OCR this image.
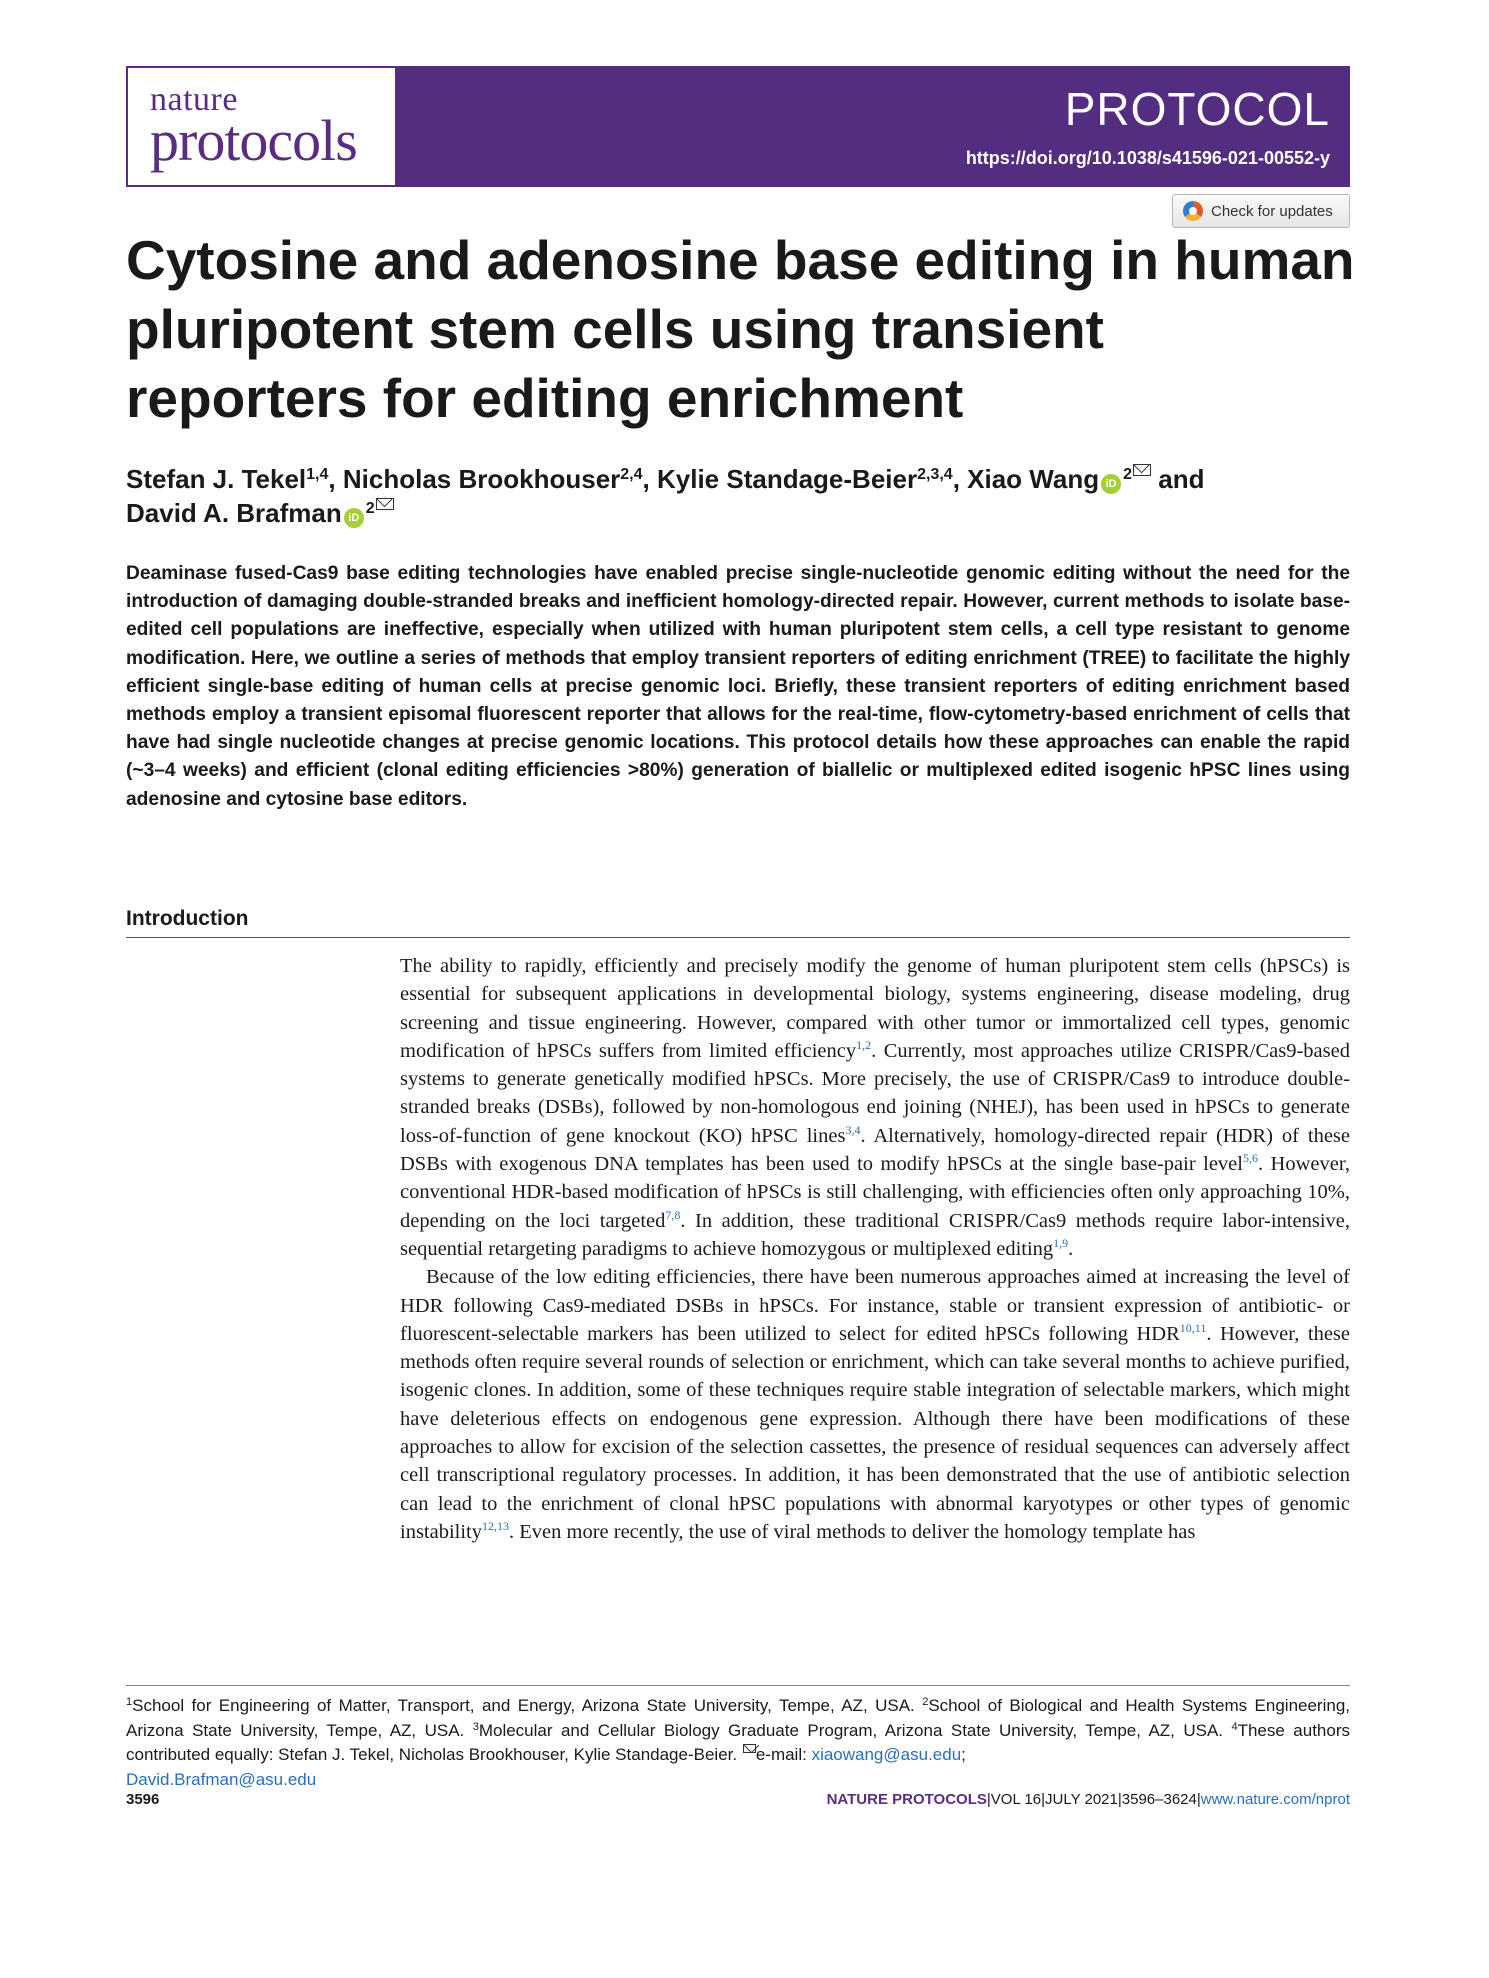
nature
protocols	PROTOCOL
https://doi.org/10.1038/s41596-021-00552-y
Check for updates
Cytosine and adenosine base editing in human pluripotent stem cells using transient reporters for editing enrichment
Stefan J. Tekel$^{1,4}$, Nicholas Brookhouser$^{2,4}$, Kylie Standage-Beier$^{2,3,4}$, Xiao Wang $iD^2$ and
David A. Brafman $iD^2$

Deaminase fused-Cas9 base editing technologies have enabled precise single-nucleotide genomic editing without the need for the introduction of damaging double-stranded breaks and inefficient homology-directed repair. However, current methods to isolate base-edited cell populations are ineffective, especially when utilized with human pluripotent stem cells, a cell type resistant to genome modification. Here, we outline a series of methods that employ transient reporters of editing enrichment (TREE) to facilitate the highly efficient single-base editing of human cells at precise genomic loci. Briefly, these transient reporters of editing enrichment based methods employ a transient episomal fluorescent reporter that allows for the real-time, flow-cytometry-based enrichment of cells that have had single nucleotide changes at precise genomic locations. This protocol details how these approaches can enable the rapid (~3–4 weeks) and efficient (clonal editing efficiencies >80%) generation of biallelic or multiplexed edited isogenic hPSC lines using adenosine and cytosine base editors.

Introduction

The ability to rapidly, efficiently and precisely modify the genome of human pluripotent stem cells (hPSCs) is essential for subsequent applications in developmental biology, systems engineering, disease modeling, drug screening and tissue engineering. However, compared with other tumor or immortalized cell types, genomic modification of hPSCs suffers from limited efficiency$^{1,2}$. Currently, most approaches utilize CRISPR/Cas9-based systems to generate genetically modified hPSCs. More precisely, the use of CRISPR/Cas9 to introduce double-stranded breaks (DSBs), followed by non-homologous end joining (NHEJ), has been used in hPSCs to generate loss-of-function of gene knockout (KO) hPSC lines$^{3,4}$. Alternatively, homology-directed repair (HDR) of these DSBs with exogenous DNA templates has been used to modify hPSCs at the single base-pair level$^{5,6}$. However, conventional HDR-based modification of hPSCs is still challenging, with efficiencies often only approaching 10%, depending on the loci targeted$^{7,8}$. In addition, these traditional CRISPR/Cas9 methods require labor-intensive, sequential retargeting paradigms to achieve homozygous or multiplexed editing$^{1,9}$.

Because of the low editing efficiencies, there have been numerous approaches aimed at increasing the level of HDR following Cas9-mediated DSBs in hPSCs. For instance, stable or transient expression of antibiotic- or fluorescent-selectable markers has been utilized to select for edited hPSCs following HDR$^{10,11}$. However, these methods often require several rounds of selection or enrichment, which can take several months to achieve purified, isogenic clones. In addition, some of these techniques require stable integration of selectable markers, which might have deleterious effects on endogenous gene expression. Although there have been modifications of these approaches to allow for excision of the selection cassettes, the presence of residual sequences can adversely affect cell transcriptional regulatory processes. In addition, it has been demonstrated that the use of antibiotic selection can lead to the enrichment of clonal hPSC populations with abnormal karyotypes or other types of genomic instability$^{12,13}$. Even more recently, the use of viral methods to deliver the homology template has

$^1$School for Engineering of Matter, Transport, and Energy, Arizona State University, Tempe, AZ, USA. $^2$School of Biological and Health Systems Engineering, Arizona State University, Tempe, AZ, USA. $^3$Molecular and Cellular Biology Graduate Program, Arizona State University, Tempe, AZ, USA. $^4$These authors contributed equally: Stefan J. Tekel, Nicholas Brookhouser, Kylie Standage-Beier. e-mail: xiaowang@asu.edu;
David.Brafman@asu.edu
3596	NATURE PROTOCOLS|VOL 16|JULY 2021|3596–3624|www.nature.com/nprot
